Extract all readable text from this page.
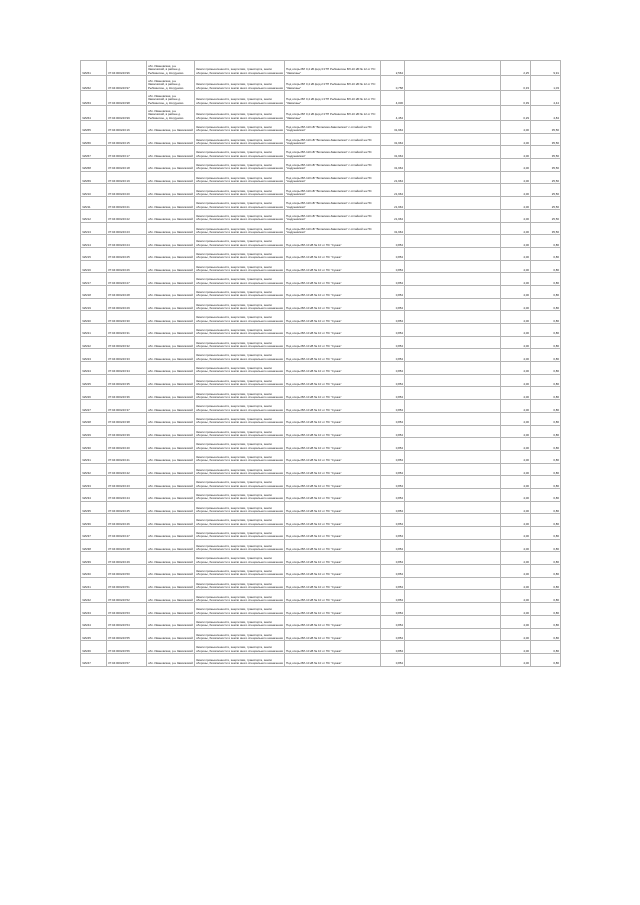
ЧИ261	37:04:000243:96	обл. Ивановская, р-н Заволжский, в районе д. Рыбкинское, д. Колдуново	Земли промышленности, энергетики, транспорта, земли обороны, безопасности и земли иного специального назначения	Под опоры ВЛ 0,4 кВ фид.3 КТП Рыбкинское ВЛ-10 кВ № 12 от ПС "Заволжье"	2,564		2,25	9,91
ЧИ262	37:04:000243:97	обл. Ивановская, р-н Заволжский, в районе д. Рыбкинское, д. Колдуново	Земли промышленности, энергетики, транспорта, земли обороны, безопасности и земли иного специального назначения	Под опоры ВЛ 0,4 кВ фид.2 КТП Рыбкинское ВЛ-10 кВ № 12 от ПС "Заволжье"	0,758		0,33	1,03
ЧИ263	37:04:000243:98	обл. Ивановская, р-н Заволжский, в районе д. Рыбкинское, д. Колдуново	Земли промышленности, энергетики, транспорта, земли обороны, безопасности и земли иного специального назначения	Под опоры ВЛ 0,4 кВ фид.1 КТП Рыбкинское ВЛ-10 кВ № 12 от ПС "Заволжье"	4,006		0,39	4,44
ЧИ264	37:04:000243:99	обл. Ивановская, р-н Заволжский, в районе д. Рыбкинское, д. Колдуново	Земли промышленности, энергетики, транспорта, земли обороны, безопасности и земли иного специального назначения	Под опоры ВЛ 0,4 кВ фид.2 КТП Рыбкинское ВЛ-10 кВ № 12 от ПС "Заволжье"	4,454		0,29	4,84
ЧИ265	37:04:000243:16	обл. Ивановская, р-н Заволжский	Земли промышленности, энергетики, транспорта, земли обороны, безопасности и земли иного специального назначения	Под опоры ВЛ-110 кВ "Волжская-Заволжская" с отпайкой на ПС "Андреевская"	31,964		4,00	35,56
ЧИ266	37:04:000243:15	обл. Ивановская, р-н Заволжский	Земли промышленности, энергетики, транспорта, земли обороны, безопасности и земли иного специального назначения	Под опоры ВЛ-110 кВ "Волжская-Заволжская" с отпайкой на ПС "Андреевская"	31,964		4,00	35,56
ЧИ267	37:04:000243:17	обл. Ивановская, р-н Заволжский	Земли промышленности, энергетики, транспорта, земли обороны, безопасности и земли иного специального назначения	Под опоры ВЛ-110 кВ "Волжская-Заволжская" с отпайкой на ПС "Андреевская"	31,964		4,00	35,56
ЧИ268	37:04:000243:18	обл. Ивановская, р-н Заволжский	Земли промышленности, энергетики, транспорта, земли обороны, безопасности и земли иного специального назначения	Под опоры ВЛ-110 кВ "Волжская-Заволжская" с отпайкой на ПС "Андреевская"	31,964		4,00	35,56
ЧИ269	37:04:000243:19	обл. Ивановская, р-н Заволжский	Земли промышленности, энергетики, транспорта, земли обороны, безопасности и земли иного специального назначения	Под опоры ВЛ-110 кВ "Волжская-Заволжская" с отпайкой на ПС "Андреевская"	21,964		4,00	25,56
ЧИ210	37:04:000243:20	обл. Ивановская, р-н Заволжский	Земли промышленности, энергетики, транспорта, земли обороны, безопасности и земли иного специального назначения	Под опоры ВЛ-110 кВ "Волжская-Заволжская" с отпайкой на ПС "Андреевская"	21,964		4,00	25,56
ЧИ211	37:04:000243:21	обл. Ивановская, р-н Заволжский	Земли промышленности, энергетики, транспорта, земли обороны, безопасности и земли иного специального назначения	Под опоры ВЛ-110 кВ "Волжская-Заволжская" с отпайкой на ПС "Андреевская"	21,964		4,00	25,56
ЧИ212	37:04:000243:22	обл. Ивановская, р-н Заволжский	Земли промышленности, энергетики, транспорта, земли обороны, безопасности и земли иного специального назначения	Под опоры ВЛ-110 кВ "Волжская-Заволжская" с отпайкой на ПС "Андреевская"	21,964		4,00	25,56
ЧИ213	37:04:000243:23	обл. Ивановская, р-н Заволжский	Земли промышленности, энергетики, транспорта, земли обороны, безопасности и земли иного специального назначения	Под опоры ВЛ-110 кВ "Волжская-Заволжская" с отпайкой на ПС "Андреевская"	31,964		4,00	35,56
ЧИ214	37:04:000243:24	обл. Ивановская, р-н Заволжский	Земли промышленности, энергетики, транспорта, земли обороны, безопасности и земли иного специального назначения	Под опоры ВЛ-10 кВ № 10 от ПС "Сунжа"	0,854		4,00	0,86
ЧИ215	37:04:000243:25	обл. Ивановская, р-н Заволжский	Земли промышленности, энергетики, транспорта, земли обороны, безопасности и земли иного специального назначения	Под опоры ВЛ-10 кВ № 10 от ПС "Сунжа"	0,854		4,00	0,86
ЧИ216	37:04:000243:26	обл. Ивановская, р-н Заволжский	Земли промышленности, энергетики, транспорта, земли обороны, безопасности и земли иного специального назначения	Под опоры ВЛ-10 кВ № 10 от ПС "Сунжа"	0,854		4,00	0,86
ЧИ217	37:04:000243:27	обл. Ивановская, р-н Заволжский	Земли промышленности, энергетики, транспорта, земли обороны, безопасности и земли иного специального назначения	Под опоры ВЛ-10 кВ № 10 от ПС "Сунжа"	0,854		4,00	0,86
ЧИ218	37:04:000243:28	обл. Ивановская, р-н Заволжский	Земли промышленности, энергетики, транспорта, земли обороны, безопасности и земли иного специального назначения	Под опоры ВЛ-10 кВ № 10 от ПС "Сунжа"	0,854		4,00	0,86
ЧИ219	37:04:000243:29	обл. Ивановская, р-н Заволжский	Земли промышленности, энергетики, транспорта, земли обороны, безопасности и земли иного специального назначения	Под опоры ВЛ-10 кВ № 10 от ПС "Сунжа"	0,854		4,00	0,86
ЧИ220	37:04:000243:30	обл. Ивановская, р-н Заволжский	Земли промышленности, энергетики, транспорта, земли обороны, безопасности и земли иного специального назначения	Под опоры ВЛ-10 кВ № 10 от ПС "Сунжа"	0,854		4,00	0,86
ЧИ221	37:04:000243:31	обл. Ивановская, р-н Заволжский	Земли промышленности, энергетики, транспорта, земли обороны, безопасности и земли иного специального назначения	Под опоры ВЛ-10 кВ № 10 от ПС "Сунжа"	0,854		4,00	0,86
ЧИ222	37:04:000243:32	обл. Ивановская, р-н Заволжский	Земли промышленности, энергетики, транспорта, земли обороны, безопасности и земли иного специального назначения	Под опоры ВЛ-10 кВ № 10 от ПС "Сунжа"	0,854		4,00	0,86
ЧИ223	37:04:000243:33	обл. Ивановская, р-н Заволжский	Земли промышленности, энергетики, транспорта, земли обороны, безопасности и земли иного специального назначения	Под опоры ВЛ-10 кВ № 10 от ПС "Сунжа"	0,854		4,00	0,86
ЧИ224	37:04:000243:34	обл. Ивановская, р-н Заволжский	Земли промышленности, энергетики, транспорта, земли обороны, безопасности и земли иного специального назначения	Под опоры ВЛ-10 кВ № 10 от ПС "Сунжа"	0,854		4,00	0,86
ЧИ225	37:04:000243:35	обл. Ивановская, р-н Заволжский	Земли промышленности, энергетики, транспорта, земли обороны, безопасности и земли иного специального назначения	Под опоры ВЛ-10 кВ № 10 от ПС "Сунжа"	0,854		4,00	0,86
ЧИ226	37:04:000243:36	обл. Ивановская, р-н Заволжский	Земли промышленности, энергетики, транспорта, земли обороны, безопасности и земли иного специального назначения	Под опоры ВЛ-10 кВ № 10 от ПС "Сунжа"	0,854		4,00	0,86
ЧИ227	37:04:000243:37	обл. Ивановская, р-н Заволжский	Земли промышленности, энергетики, транспорта, земли обороны, безопасности и земли иного специального назначения	Под опоры ВЛ-10 кВ № 10 от ПС "Сунжа"	0,854		4,00	0,86
ЧИ228	37:04:000243:38	обл. Ивановская, р-н Заволжский	Земли промышленности, энергетики, транспорта, земли обороны, безопасности и земли иного специального назначения	Под опоры ВЛ-10 кВ № 10 от ПС "Сунжа"	0,854		4,00	0,86
ЧИ229	37:04:000243:39	обл. Ивановская, р-н Заволжский	Земли промышленности, энергетики, транспорта, земли обороны, безопасности и земли иного специального назначения	Под опоры ВЛ-10 кВ № 10 от ПС "Сунжа"	0,854		4,00	0,86
ЧИ230	37:04:000243:40	обл. Ивановская, р-н Заволжский	Земли промышленности, энергетики, транспорта, земли обороны, безопасности и земли иного специального назначения	Под опоры ВЛ-10 кВ № 10 от ПС "Сунжа"	0,854		4,00	0,86
ЧИ231	37:04:000243:41	обл. Ивановская, р-н Заволжский	Земли промышленности, энергетики, транспорта, земли обороны, безопасности и земли иного специального назначения	Под опоры ВЛ-10 кВ № 10 от ПС "Сунжа"	0,854		4,00	0,86
ЧИ232	37:04:000243:42	обл. Ивановская, р-н Заволжский	Земли промышленности, энергетики, транспорта, земли обороны, безопасности и земли иного специального назначения	Под опоры ВЛ-10 кВ № 10 от ПС "Сунжа"	0,854		4,00	0,86
ЧИ233	37:04:000243:43	обл. Ивановская, р-н Заволжский	Земли промышленности, энергетики, транспорта, земли обороны, безопасности и земли иного специального назначения	Под опоры ВЛ-10 кВ № 10 от ПС "Сунжа"	0,854		4,00	0,86
ЧИ234	37:04:000243:44	обл. Ивановская, р-н Заволжский	Земли промышленности, энергетики, транспорта, земли обороны, безопасности и земли иного специального назначения	Под опоры ВЛ-10 кВ № 10 от ПС "Сунжа"	0,854		4,00	0,86
ЧИ235	37:04:000243:45	обл. Ивановская, р-н Заволжский	Земли промышленности, энергетики, транспорта, земли обороны, безопасности и земли иного специального назначения	Под опоры ВЛ-10 кВ № 10 от ПС "Сунжа"	0,854		4,00	0,86
ЧИ236	37:04:000243:46	обл. Ивановская, р-н Заволжский	Земли промышленности, энергетики, транспорта, земли обороны, безопасности и земли иного специального назначения	Под опоры ВЛ-10 кВ № 10 от ПС "Сунжа"	0,854		4,00	0,86
ЧИ237	37:04:000243:47	обл. Ивановская, р-н Заволжский	Земли промышленности, энергетики, транспорта, земли обороны, безопасности и земли иного специального назначения	Под опоры ВЛ-10 кВ № 10 от ПС "Сунжа"	0,854		4,00	0,86
ЧИ238	37:04:000243:48	обл. Ивановская, р-н Заволжский	Земли промышленности, энергетики, транспорта, земли обороны, безопасности и земли иного специального назначения	Под опоры ВЛ-10 кВ № 10 от ПС "Сунжа"	0,854		4,00	0,86
ЧИ239	37:04:000243:49	обл. Ивановская, р-н Заволжский	Земли промышленности, энергетики, транспорта, земли обороны, безопасности и земли иного специального назначения	Под опоры ВЛ-10 кВ № 10 от ПС "Сунжа"	0,854		4,00	0,86
ЧИ240	37:04:000243:50	обл. Ивановская, р-н Заволжский	Земли промышленности, энергетики, транспорта, земли обороны, безопасности и земли иного специального назначения	Под опоры ВЛ-10 кВ № 10 от ПС "Сунжа"	0,854		4,00	0,86
ЧИ241	37:04:000243:51	обл. Ивановская, р-н Заволжский	Земли промышленности, энергетики, транспорта, земли обороны, безопасности и земли иного специального назначения	Под опоры ВЛ-10 кВ № 10 от ПС "Сунжа"	0,854		4,00	0,86
ЧИ242	37:04:000243:52	обл. Ивановская, р-н Заволжский	Земли промышленности, энергетики, транспорта, земли обороны, безопасности и земли иного специального назначения	Под опоры ВЛ-10 кВ № 10 от ПС "Сунжа"	0,854		4,00	0,86
ЧИ243	37:04:000243:53	обл. Ивановская, р-н Заволжский	Земли промышленности, энергетики, транспорта, земли обороны, безопасности и земли иного специального назначения	Под опоры ВЛ-10 кВ № 10 от ПС "Сунжа"	0,854		4,00	0,86
ЧИ244	37:04:000243:54	обл. Ивановская, р-н Заволжский	Земли промышленности, энергетики, транспорта, земли обороны, безопасности и земли иного специального назначения	Под опоры ВЛ-10 кВ № 10 от ПС "Сунжа"	0,854		4,00	0,86
ЧИ245	37:04:000243:55	обл. Ивановская, р-н Заволжский	Земли промышленности, энергетики, транспорта, земли обороны, безопасности и земли иного специального назначения	Под опоры ВЛ-10 кВ № 10 от ПС "Сунжа"	0,854		4,00	0,86
ЧИ246	37:04:000243:56	обл. Ивановская, р-н Заволжский	Земли промышленности, энергетики, транспорта, земли обороны, безопасности и земли иного специального назначения	Под опоры ВЛ-10 кВ № 10 от ПС "Сунжа"	0,854		4,00	0,86
ЧИ247	37:04:000243:57	обл. Ивановская, р-н Заволжский	Земли промышленности, энергетики, транспорта, земли обороны, безопасности и земли иного специального назначения	Под опоры ВЛ-10 кВ № 10 от ПС "Сунжа"	0,854		4,00	0,86
